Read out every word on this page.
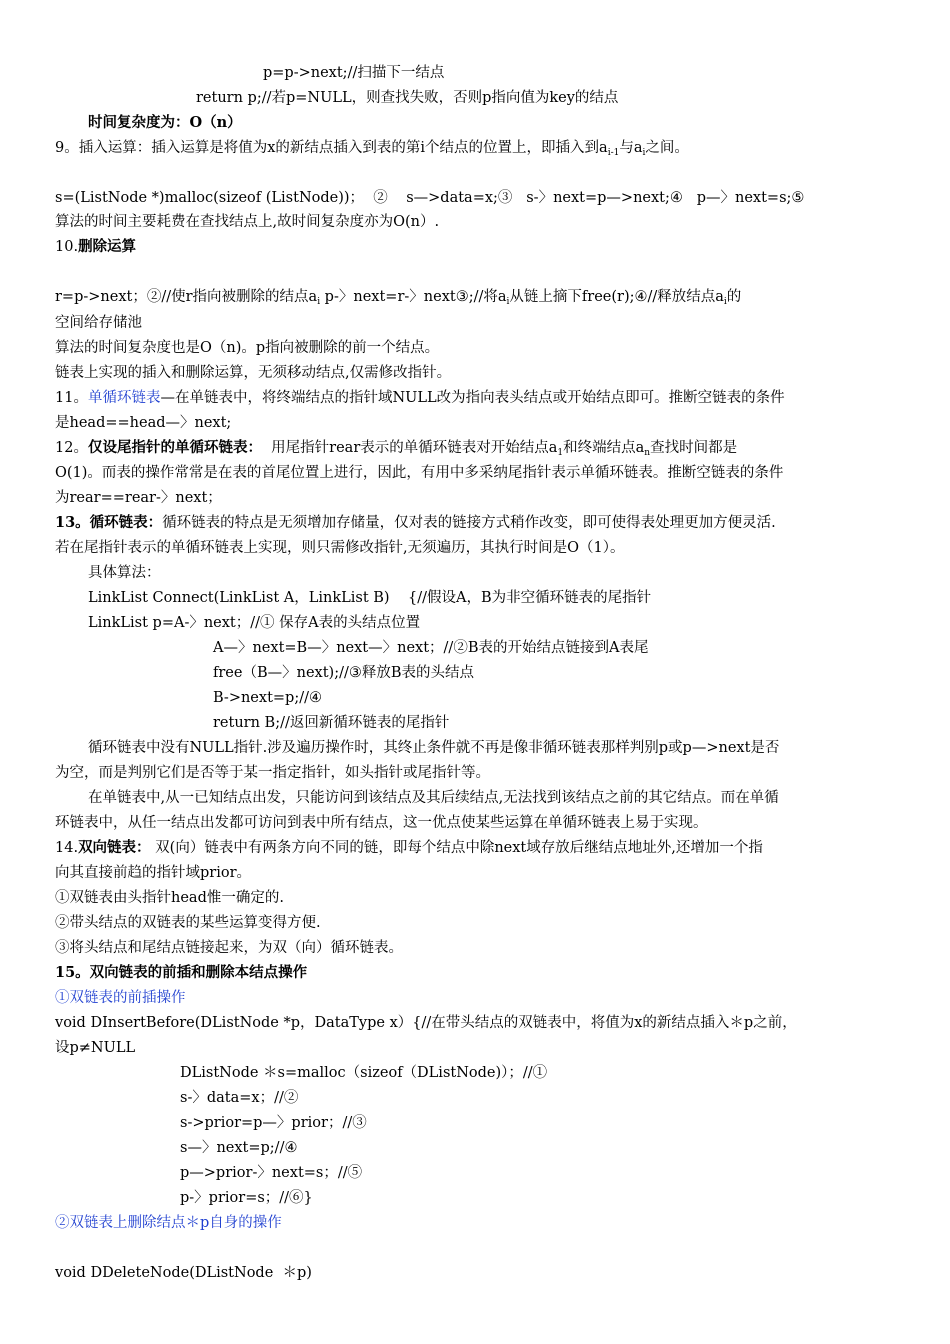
p=p->next;//扫描下一结点
return p;//若p=NULL，则查找失败，否则p指向值为key的结点
时间复杂度为：O（n）
9。插入运算：插入运算是将值为x的新结点插入到表的第i个结点的位置上，即插入到$a_{i-1}$与$a_i$之间。
s=(ListNode *)malloc(sizeof (ListNode))；  ②    s—>data=x;③   s-〉next=p—>next;④   p—〉next=s;⑤
算法的时间主要耗费在查找结点上,故时间复杂度亦为O(n）.
10.删除运算
r=p->next；②//使r指向被删除的结点$a_i$ p-〉next=r-〉next③;//将$a_i$从链上摘下free(r);④//释放结点$a_i$的
空间给存储池
算法的时间复杂度也是O（n)。p指向被删除的前一个结点。
链表上实现的插入和删除运算，无须移动结点,仅需修改指针。
11。单循环链表—在单链表中，将终端结点的指针域NULL改为指向表头结点或开始结点即可。推断空链表的条件
是head==head—〉next;
12。仅设尾指针的单循环链表：  用尾指针rear表示的单循环链表对开始结点$a_1$和终端结点$a_n$查找时间都是
O(1)。而表的操作常常是在表的首尾位置上进行，因此，有用中多采纳尾指针表示单循环链表。推断空链表的条件
为rear==rear-〉next；
13。循环链表：循环链表的特点是无须增加存储量，仅对表的链接方式稍作改变，即可使得表处理更加方便灵活.
若在尾指针表示的单循环链表上实现，则只需修改指针,无须遍历，其执行时间是O（1）。
具体算法：
LinkList Connect(LinkList A，LinkList B)    {//假设A，B为非空循环链表的尾指针
LinkList p=A-〉next；//① 保存A表的头结点位置
A—〉next=B—〉next—〉next；//②B表的开始结点链接到A表尾
free（B—〉next);//③释放B表的头结点
B->next=p;//④
return B;//返回新循环链表的尾指针
循环链表中没有NULL指针.涉及遍历操作时，其终止条件就不再是像非循环链表那样判别p或p—>next是否
为空，而是判别它们是否等于某一指定指针，如头指针或尾指针等。
在单链表中,从一已知结点出发，只能访问到该结点及其后续结点,无法找到该结点之前的其它结点。而在单循
环链表中，从任一结点出发都可访问到表中所有结点，这一优点使某些运算在单循环链表上易于实现。
14.双向链表： 双(向）链表中有两条方向不同的链，即每个结点中除next域存放后继结点地址外,还增加一个指
向其直接前趋的指针域prior。
①双链表由头指针head惟一确定的.
②带头结点的双链表的某些运算变得方便.
③将头结点和尾结点链接起来，为双（向）循环链表。
15。双向链表的前插和删除本结点操作
①双链表的前插操作
void DInsertBefore(DListNode *p，DataType x）{//在带头结点的双链表中，将值为x的新结点插入＊p之前，
设p≠NULL
DListNode ＊s=malloc（sizeof（DListNode)）；//①
s-〉data=x；//②
s->prior=p—〉prior；//③
s—〉next=p;//④
p—>prior-〉next=s；//⑤
p-〉prior=s；//⑥}
②双链表上删除结点＊p自身的操作
void DDeleteNode(DListNode  ＊p)
